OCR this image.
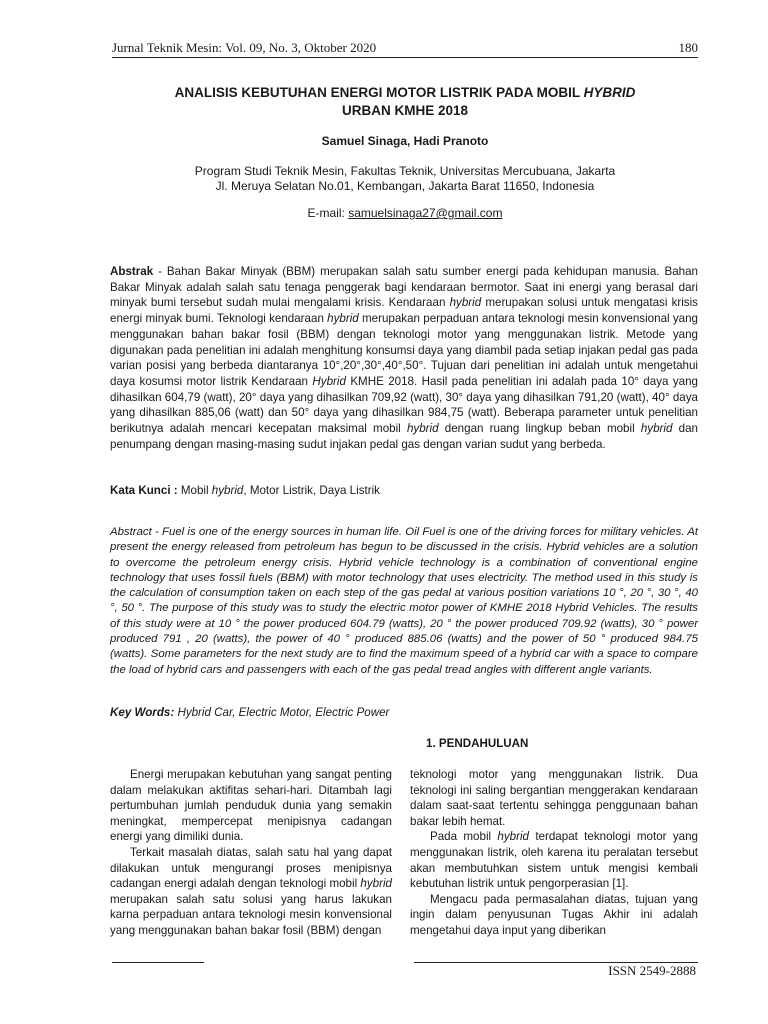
Jurnal Teknik Mesin: Vol. 09, No. 3, Oktober 2020	180
ANALISIS KEBUTUHAN ENERGI MOTOR LISTRIK PADA MOBIL HYBRID
URBAN KMHE 2018
Samuel Sinaga, Hadi Pranoto
Program Studi Teknik Mesin, Fakultas Teknik, Universitas Mercubuana, Jakarta
Jl. Meruya Selatan No.01, Kembangan, Jakarta Barat 11650, Indonesia
E-mail: samuelsinaga27@gmail.com
Abstrak - Bahan Bakar Minyak (BBM) merupakan salah satu sumber energi pada kehidupan manusia. Bahan Bakar Minyak adalah salah satu tenaga penggerak bagi kendaraan bermotor. Saat ini energi yang berasal dari minyak bumi tersebut sudah mulai mengalami krisis. Kendaraan hybrid merupakan solusi untuk mengatasi krisis energi minyak bumi. Teknologi kendaraan hybrid merupakan perpaduan antara teknologi mesin konvensional yang menggunakan bahan bakar fosil (BBM) dengan teknologi motor yang menggunakan listrik. Metode yang digunakan pada penelitian ini adalah menghitung konsumsi daya yang diambil pada setiap injakan pedal gas pada varian posisi yang berbeda diantaranya 10°,20°,30°,40°,50°. Tujuan dari penelitian ini adalah untuk mengetahui daya kosumsi motor listrik Kendaraan Hybrid KMHE 2018. Hasil pada penelitian ini adalah pada 10° daya yang dihasilkan 604,79 (watt), 20° daya yang dihasilkan 709,92 (watt), 30° daya yang dihasilkan 791,20 (watt), 40° daya yang dihasilkan 885,06 (watt) dan 50° daya yang dihasilkan 984,75 (watt). Beberapa parameter untuk penelitian berikutnya adalah mencari kecepatan maksimal mobil hybrid dengan ruang lingkup beban mobil hybrid dan penumpang dengan masing-masing sudut injakan pedal gas dengan varian sudut yang berbeda.
Kata Kunci : Mobil hybrid, Motor Listrik, Daya Listrik
Abstract - Fuel is one of the energy sources in human life. Oil Fuel is one of the driving forces for military vehicles. At present the energy released from petroleum has begun to be discussed in the crisis. Hybrid vehicles are a solution to overcome the petroleum energy crisis. Hybrid vehicle technology is a combination of conventional engine technology that uses fossil fuels (BBM) with motor technology that uses electricity. The method used in this study is the calculation of consumption taken on each step of the gas pedal at various position variations 10 °, 20 °, 30 °, 40 °, 50 °. The purpose of this study was to study the electric motor power of KMHE 2018 Hybrid Vehicles. The results of this study were at 10 ° the power produced 604.79 (watts), 20 ° the power produced 709.92 (watts), 30 ° power produced 791 , 20 (watts), the power of 40 ° produced 885.06 (watts) and the power of 50 ° produced 984.75 (watts). Some parameters for the next study are to find the maximum speed of a hybrid car with a space to compare the load of hybrid cars and passengers with each of the gas pedal tread angles with different angle variants.
Key Words: Hybrid Car, Electric Motor, Electric Power
1. PENDAHULUAN

Energi merupakan kebutuhan yang sangat penting dalam melakukan aktifitas sehari-hari. Ditambah lagi pertumbuhan jumlah penduduk dunia yang semakin meningkat, mempercepat menipisnya cadangan energi yang dimiliki dunia.

Terkait masalah diatas, salah satu hal yang dapat dilakukan untuk mengurangi proses menipisnya cadangan energi adalah dengan teknologi mobil hybrid merupakan salah satu solusi yang harus lakukan karna perpaduan antara teknologi mesin konvensional yang menggunakan bahan bakar fosil (BBM) dengan

teknologi motor yang menggunakan listrik. Dua teknologi ini saling bergantian menggerakan kendaraan dalam saat-saat tertentu sehingga penggunaan bahan bakar lebih hemat.

Pada mobil hybrid terdapat teknologi motor yang menggunakan listrik, oleh karena itu peralatan tersebut akan membutuhkan sistem untuk mengisi kembali kebutuhan listrik untuk pengorperasian [1].

Mengacu pada permasalahan diatas, tujuan yang ingin dalam penyusunan Tugas Akhir ini adalah mengetahui daya input yang diberikan

ISSN 2549-2888
